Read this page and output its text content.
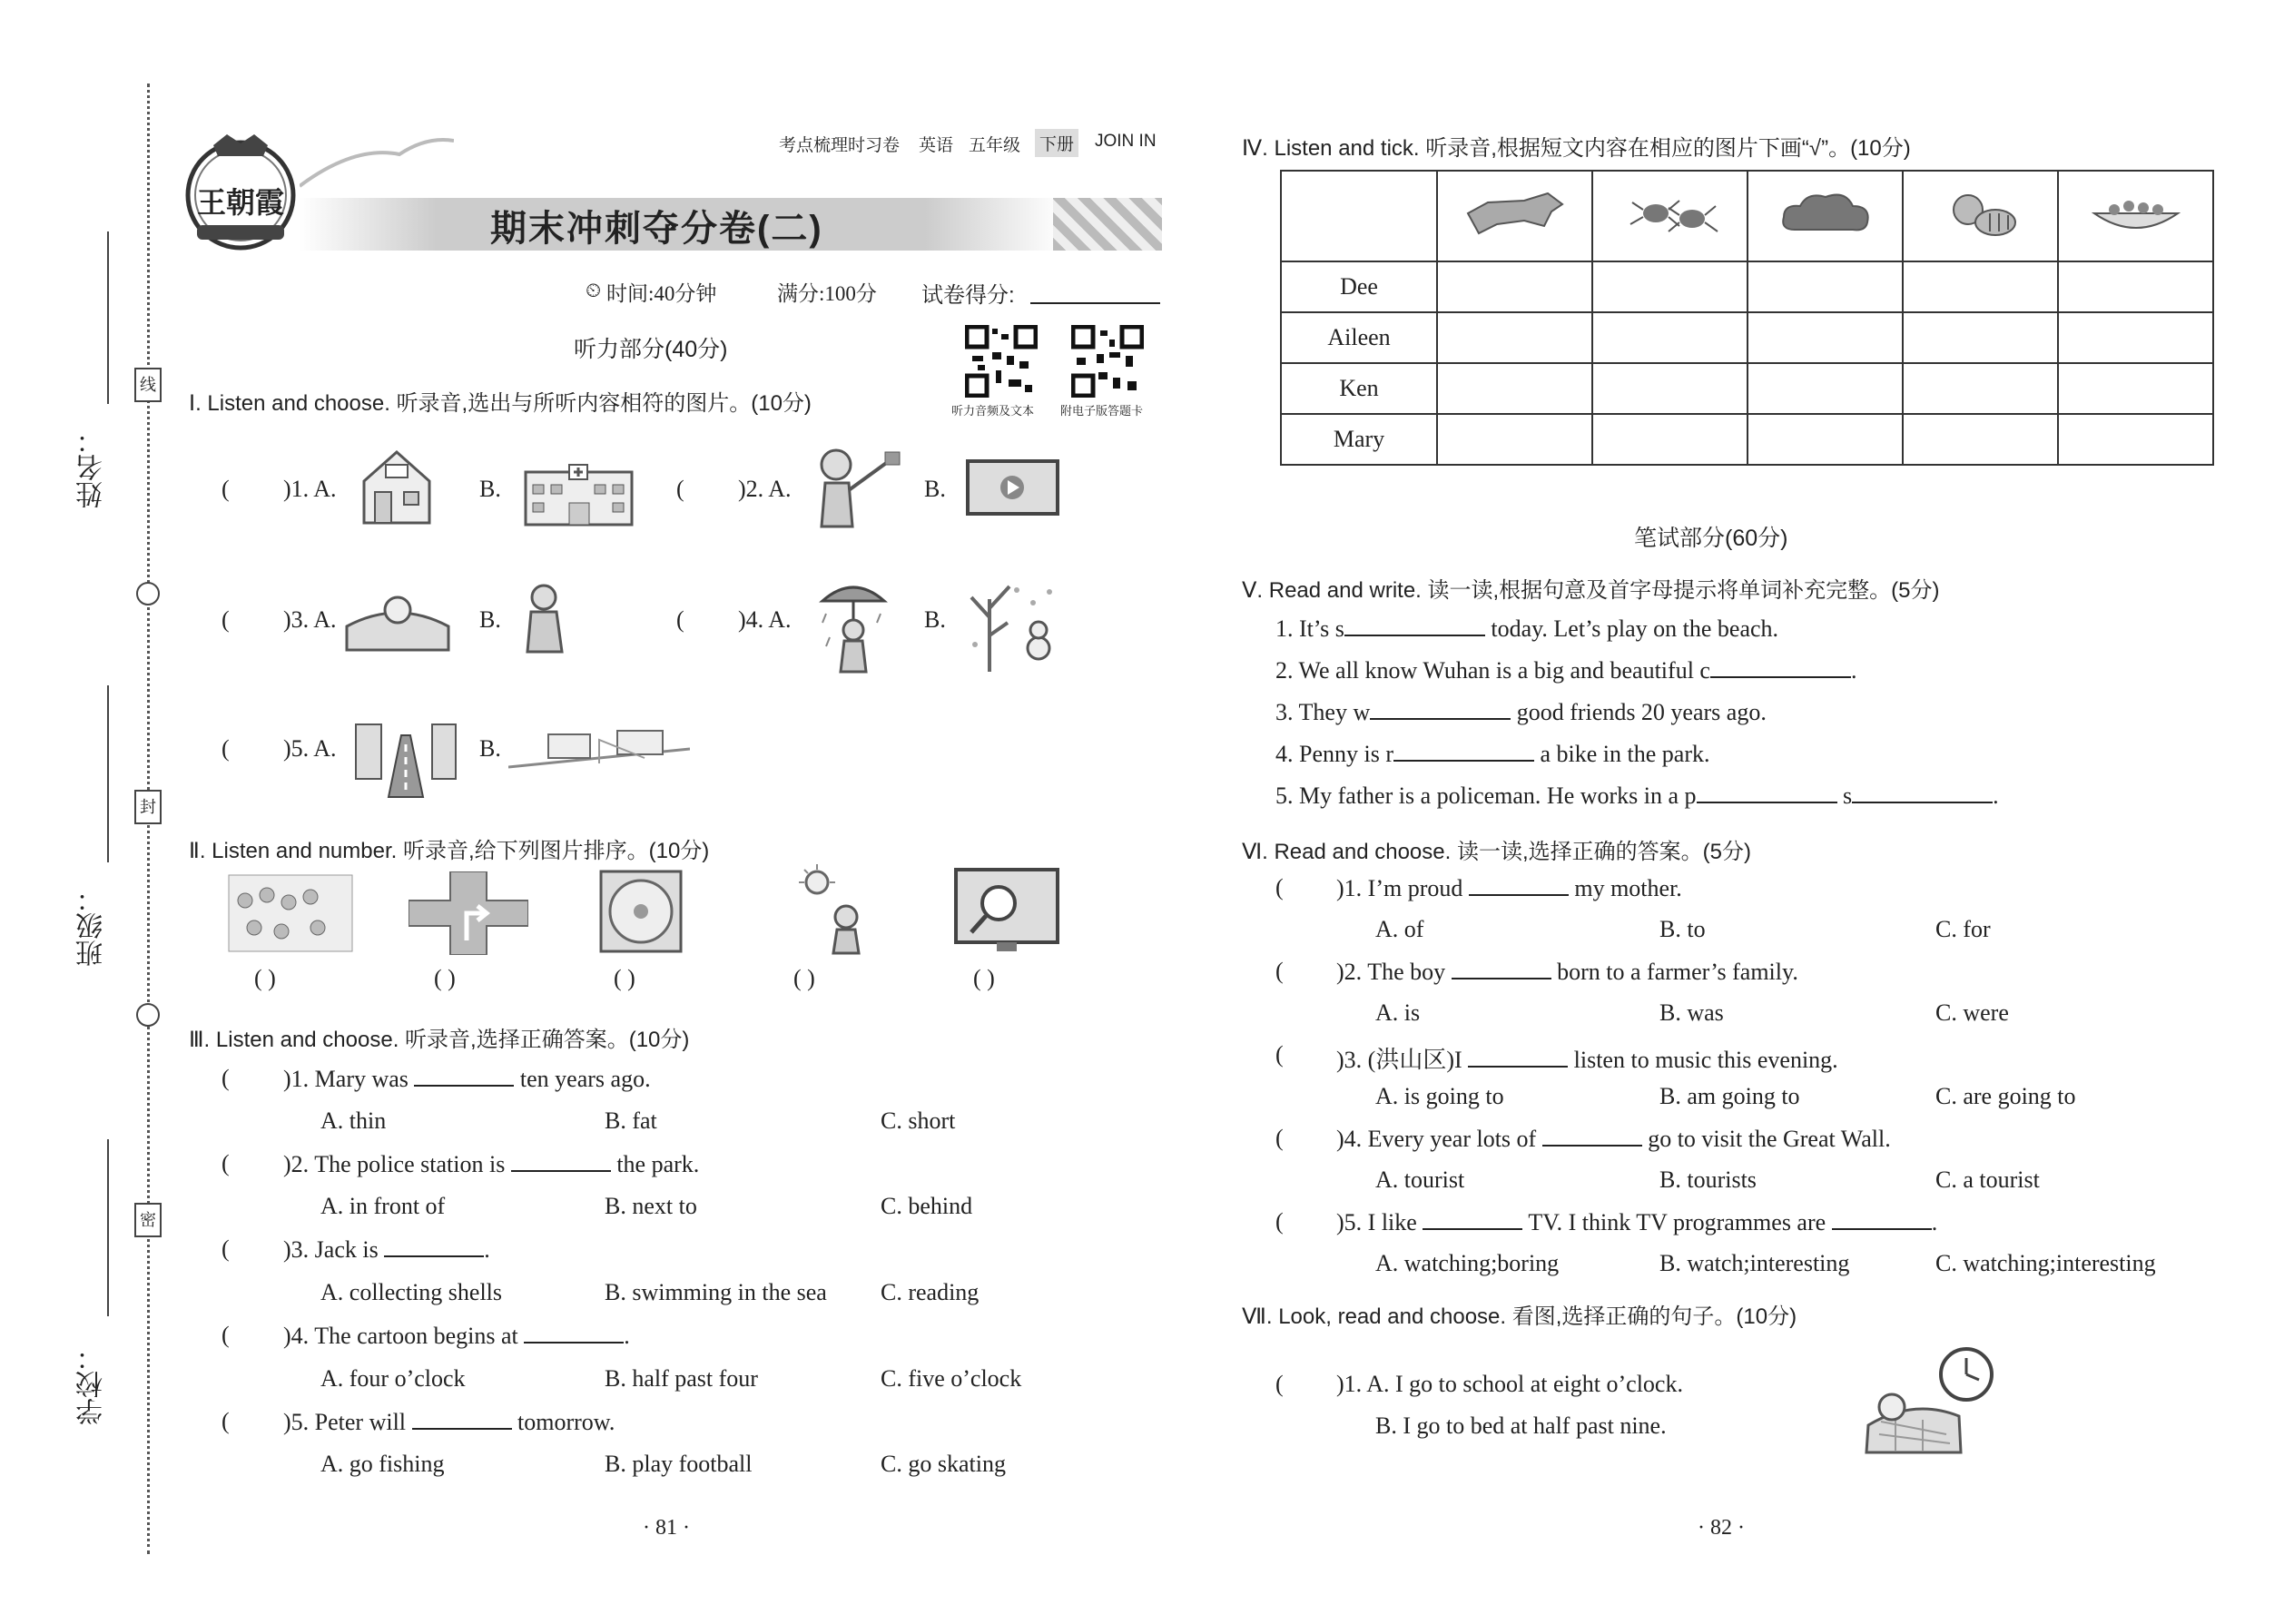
姓名：
班级：
学校：
线
封
密
王朝霞
考点梳理时习卷 英语 五年级 下册 JOIN IN
期末冲刺夺分卷(二)
⏲ 时间:40分钟	满分:100分 试卷得分:
听力音频及文本 附电子版答题卡
听力部分(40分)
Ⅰ. Listen and choose. 听录音,选出与所听内容相符的图片。(10分)
( )1. A.	B.	( )2. A.	B.
( )3. A.	B.	( )4. A.	B.
( )5. A.	B.
Ⅱ. Listen and number. 听录音,给下列图片排序。(10分)
( )	( )	( )	( )	( )
Ⅲ. Listen and choose. 听录音,选择正确答案。(10分)
( )1. Mary was	ten years ago.
A. thin	B. fat	C. short
( )2. The police station is	the park.
A. in front of	B. next to	C. behind
( )3. Jack is	.
A. collecting shells	B. swimming in the sea C. reading
( )4. The cartoon begins at	.
A. four o’clock	B. half past four	C. five o’clock
( )5. Peter will	tomorrow.
A. go fishing	B. play football	C. go skating
· 81 ·
Ⅳ. Listen and tick. 听录音,根据短文内容在相应的图片下画“√”。(10分)

Dee					
Aileen					
Ken					
Mary					
笔试部分(60分)
Ⅴ. Read and write. 读一读,根据句意及首字母提示将单词补充完整。(5分)
1. It’s s	today. Let’s play on the beach.
2. We all know Wuhan is a big and beautiful c	.
3. They w	good friends 20 years ago.
4. Penny is r	a bike in the park.
5. My father is a policeman. He works in a p	s	.
Ⅵ. Read and choose. 读一读,选择正确的答案。(5分)
( )1. I’m proud	my mother.
A. of	B. to	C. for
( )2. The boy	born to a farmer’s family.
A. is	B. was	C. were
( )3. (洪山区)I	listen to music this evening.
A. is going to	B. am going to	C. are going to
( )4. Every year lots of	go to visit the Great Wall.
A. tourist	B. tourists	C. a tourist
( )5. I like	TV. I think TV programmes are	.
A. watching;boring	B. watch;interesting	C. watching;interesting
Ⅶ. Look, read and choose. 看图,选择正确的句子。(10分)
( )1. A. I go to school at eight o’clock.
B. I go to bed at half past nine.
· 82 ·
